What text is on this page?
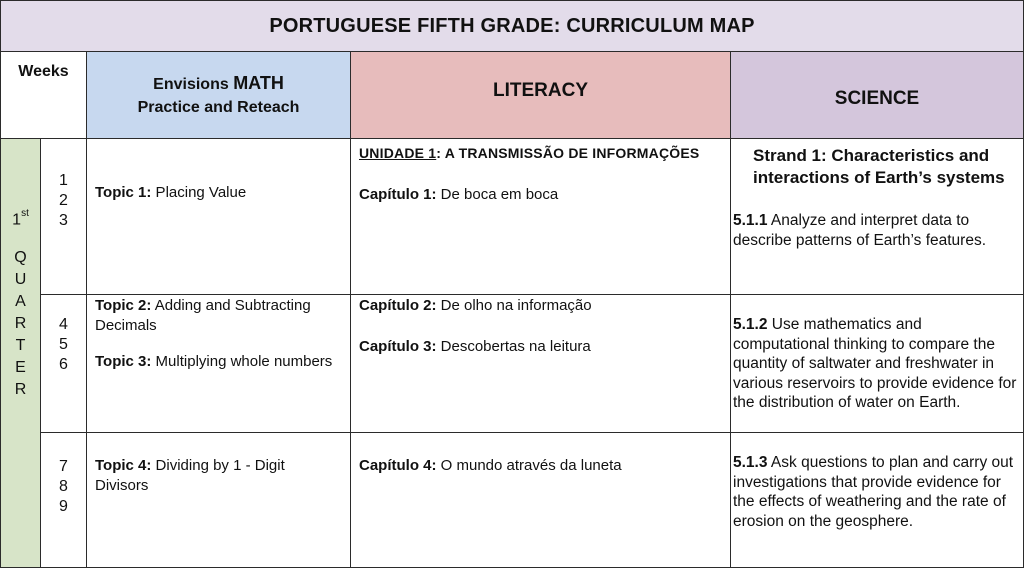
PORTUGUESE FIFTH GRADE: CURRICULUM MAP
Weeks
Envisions MATH
Practice and Reteach
LITERACY	SCIENCE
1st
Q
U
A
R
T
E
R
1
2
3
Topic 1: Placing Value
UNIDADE 1: A TRANSMISSÃO DE INFORMAÇÕES
Capítulo 1: De boca em boca
Strand 1: Characteristics and interactions of Earth’s systems
5.1.1 Analyze and interpret data to describe patterns of Earth’s features.
4
5
6
Topic 2: Adding and Subtracting Decimals
Topic 3: Multiplying whole numbers
Capítulo 2: De olho na informação
Capítulo 3: Descobertas na leitura
5.1.2 Use mathematics and computational thinking to compare the quantity of saltwater and freshwater in various reservoirs to provide evidence for the distribution of water on Earth.
7
8
9
Topic 4: Dividing by 1 - Digit Divisors
Capítulo 4: O mundo através da luneta	5.1.3 Ask questions to plan and carry out investigations that provide evidence for the effects of weathering and the rate of erosion on the geosphere.
